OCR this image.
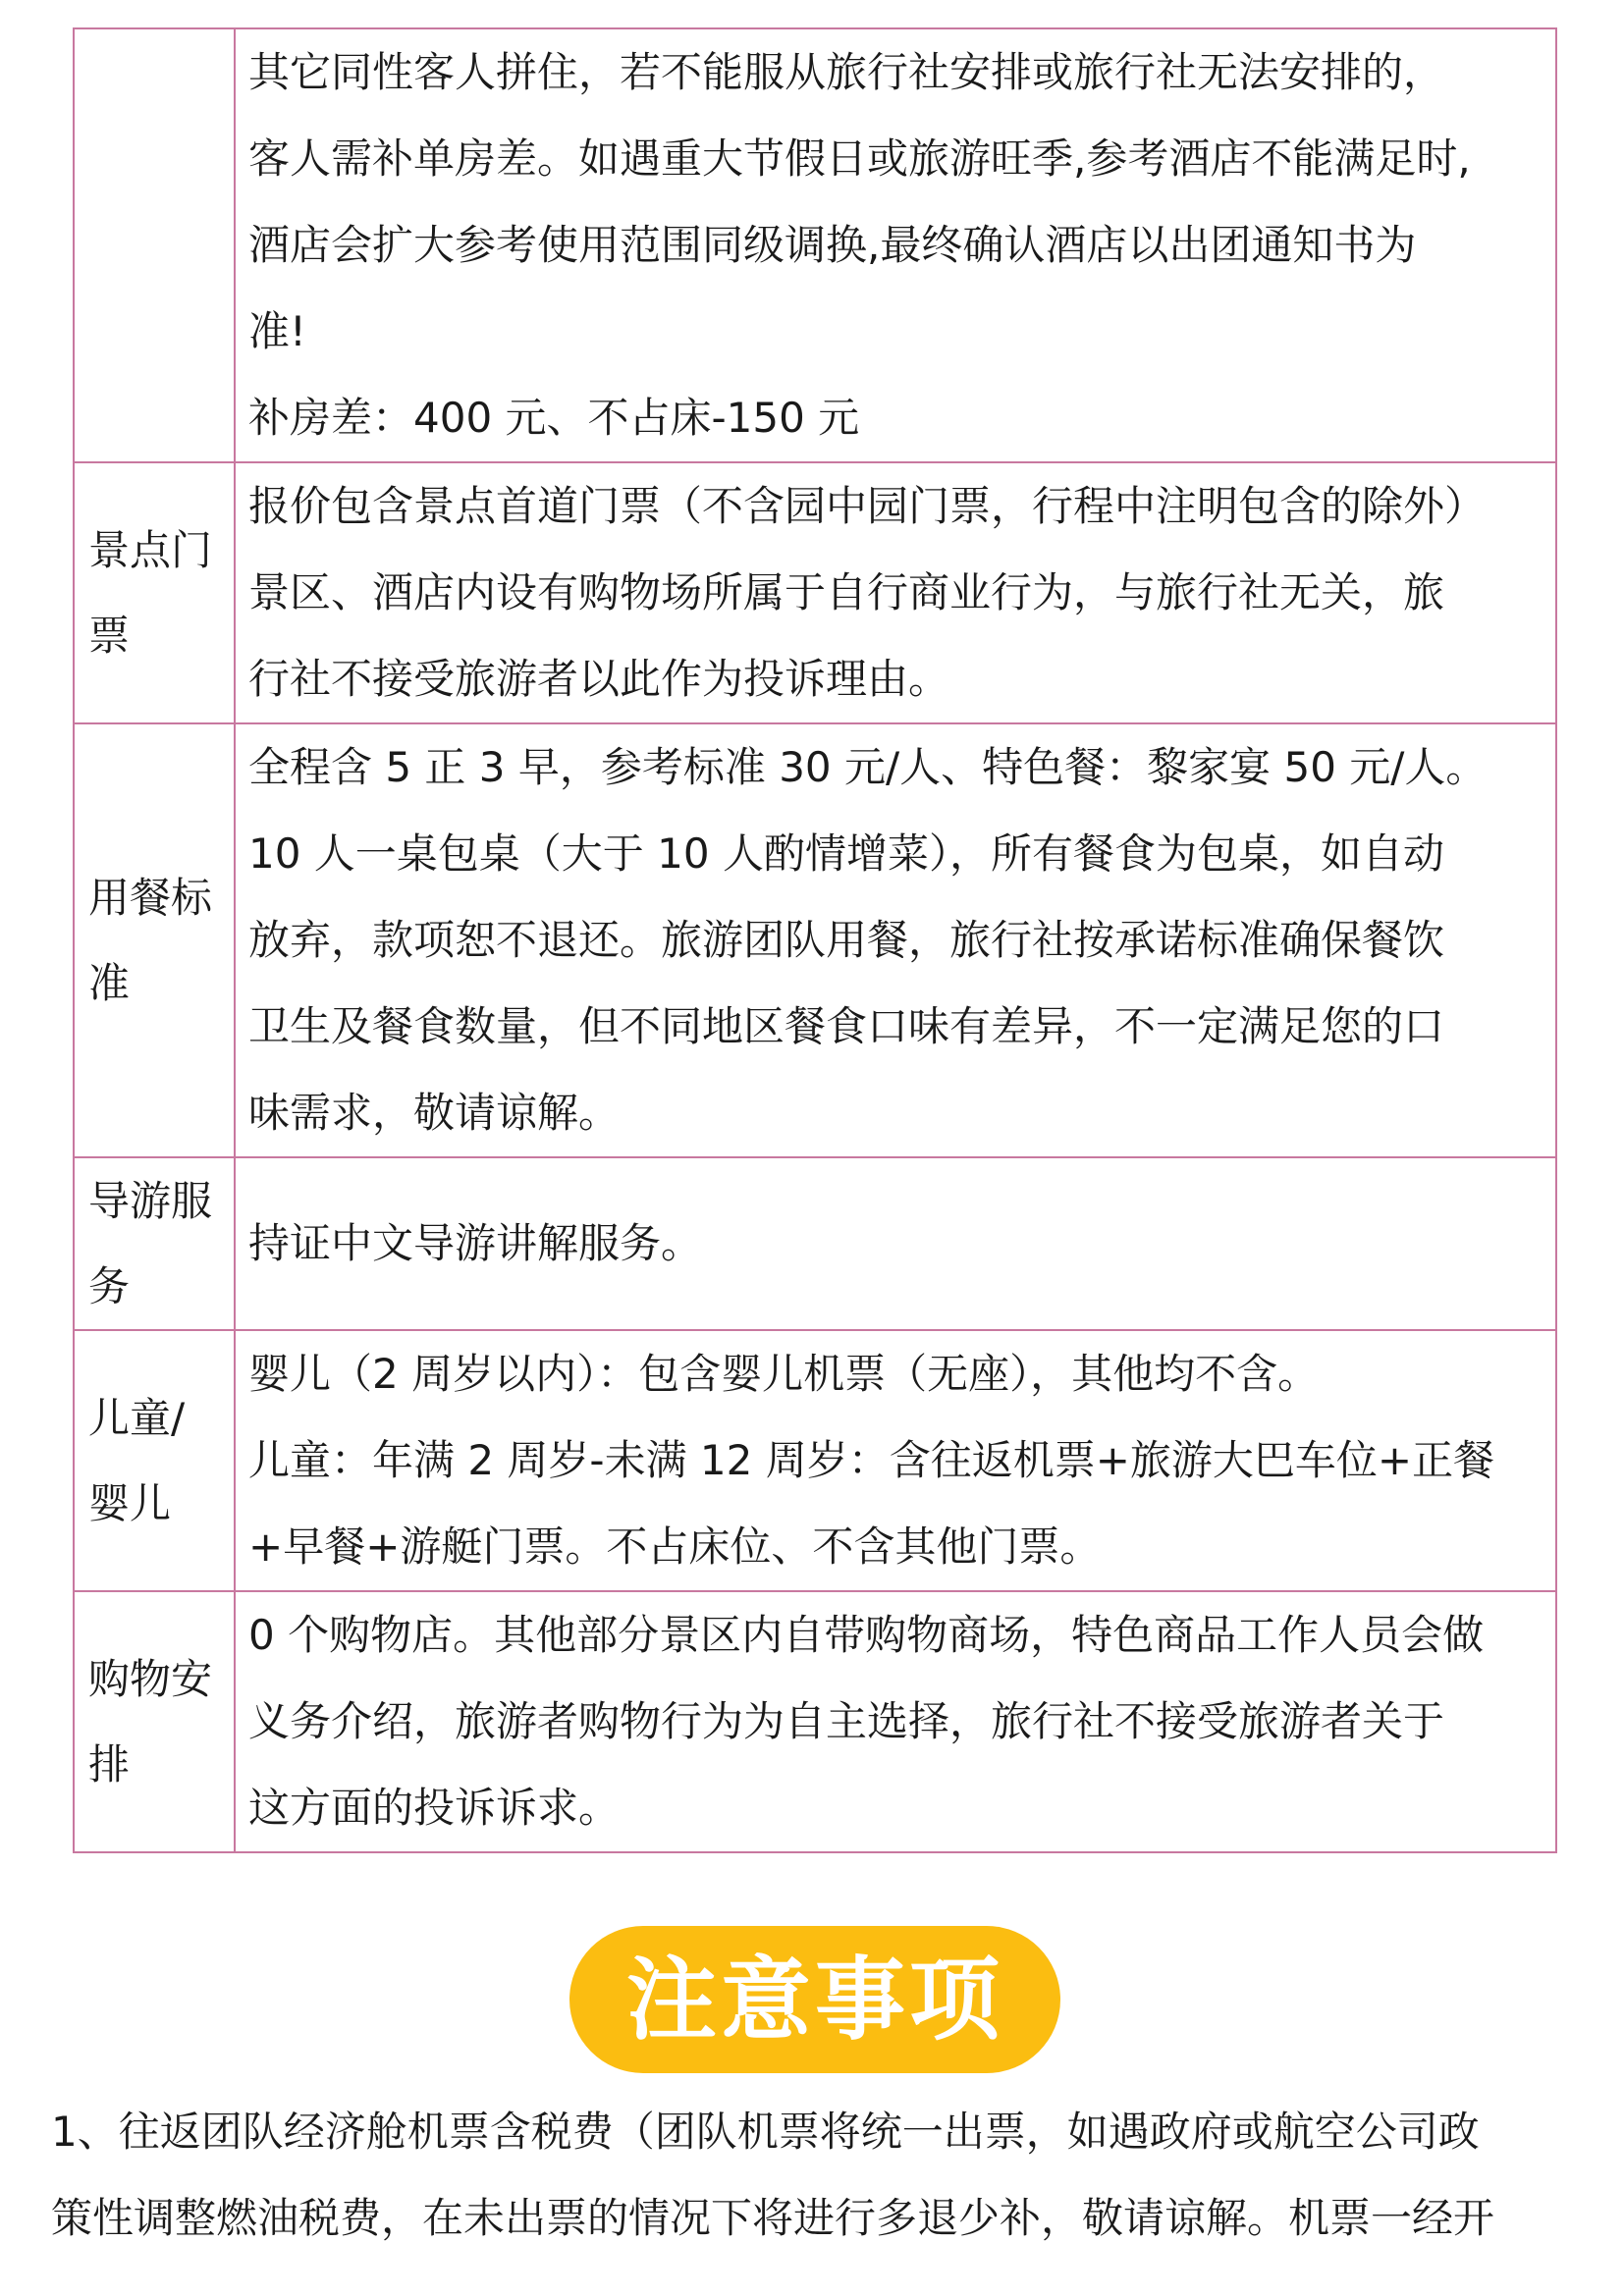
	其它同性客人拼住，若不能服从旅行社安排或旅行社无法安排的，
客人需补单房差。如遇重大节假日或旅游旺季,参考酒店不能满足时,
酒店会扩大参考使用范围同级调换,最终确认酒店以出团通知书为
准!
补房差：400 元、不占床-150 元

景点门
票	报价包含景点首道门票（不含园中园门票，行程中注明包含的除外）
景区、酒店内设有购物场所属于自行商业行为，与旅行社无关，旅
行社不接受旅游者以此作为投诉理由。

用餐标
准	全程含 5 正 3 早，参考标准 30 元/人、特色餐：黎家宴 50 元/人。
10 人一桌包桌（大于 10 人酌情增菜），所有餐食为包桌，如自动
放弃，款项恕不退还。旅游团队用餐，旅行社按承诺标准确保餐饮
卫生及餐食数量，但不同地区餐食口味有差异，不一定满足您的口
味需求，敬请谅解。

导游服
务	持证中文导游讲解服务。

儿童/
婴儿	婴儿（2 周岁以内）：包含婴儿机票（无座），其他均不含。
儿童：年满 2 周岁-未满 12 周岁：含往返机票+旅游大巴车位+正餐
+早餐+游艇门票。不占床位、不含其他门票。

购物安
排	0 个购物店。其他部分景区内自带购物商场，特色商品工作人员会做
义务介绍，旅游者购物行为为自主选择，旅行社不接受旅游者关于
这方面的投诉诉求。
注意事项
1、往返团队经济舱机票含税费（团队机票将统一出票，如遇政府或航空公司政
策性调整燃油税费，在未出票的情况下将进行多退少补，敬请谅解。机票一经开
